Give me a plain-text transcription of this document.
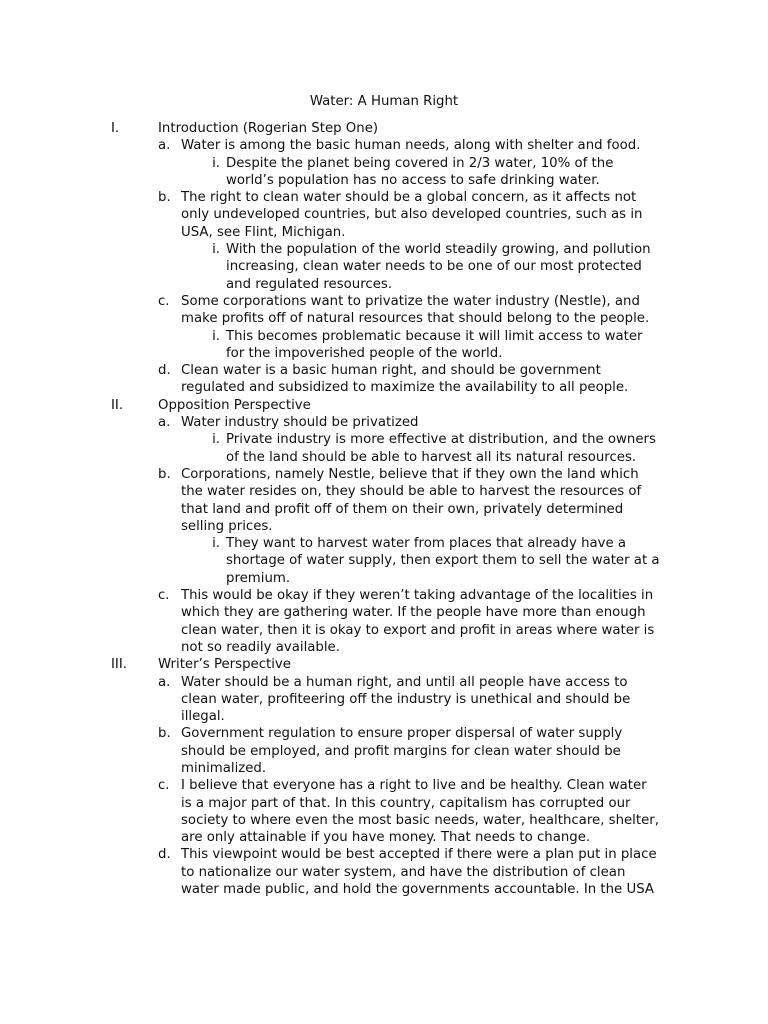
Water: A Human Right
I.	Introduction (Rogerian Step One)
a. Water is among the basic human needs, along with shelter and food.
i. Despite the planet being covered in 2/3 water, 10% of the
world’s population has no access to safe drinking water.
b. The right to clean water should be a global concern, as it affects not
only undeveloped countries, but also developed countries, such as in
USA, see Flint, Michigan.
i. With the population of the world steadily growing, and pollution
increasing, clean water needs to be one of our most protected
and regulated resources.
c. Some corporations want to privatize the water industry (Nestle), and
make profits off of natural resources that should belong to the people.
i. This becomes problematic because it will limit access to water
for the impoverished people of the world.
d. Clean water is a basic human right, and should be government
regulated and subsidized to maximize the availability to all people.
II.	Opposition Perspective
a. Water industry should be privatized
i. Private industry is more effective at distribution, and the owners
of the land should be able to harvest all its natural resources.
b. Corporations, namely Nestle, believe that if they own the land which
the water resides on, they should be able to harvest the resources of
that land and profit off of them on their own, privately determined
selling prices.
i. They want to harvest water from places that already have a
shortage of water supply, then export them to sell the water at a
premium.
c. This would be okay if they weren’t taking advantage of the localities in
which they are gathering water. If the people have more than enough
clean water, then it is okay to export and profit in areas where water is
not so readily available.
III. Writer’s Perspective
a. Water should be a human right, and until all people have access to
clean water, profiteering off the industry is unethical and should be
illegal.
b. Government regulation to ensure proper dispersal of water supply
should be employed, and profit margins for clean water should be
minimalized.
c. I believe that everyone has a right to live and be healthy. Clean water
is a major part of that. In this country, capitalism has corrupted our
society to where even the most basic needs, water, healthcare, shelter,
are only attainable if you have money. That needs to change.
d. This viewpoint would be best accepted if there were a plan put in place
to nationalize our water system, and have the distribution of clean
water made public, and hold the governments accountable. In the USA
